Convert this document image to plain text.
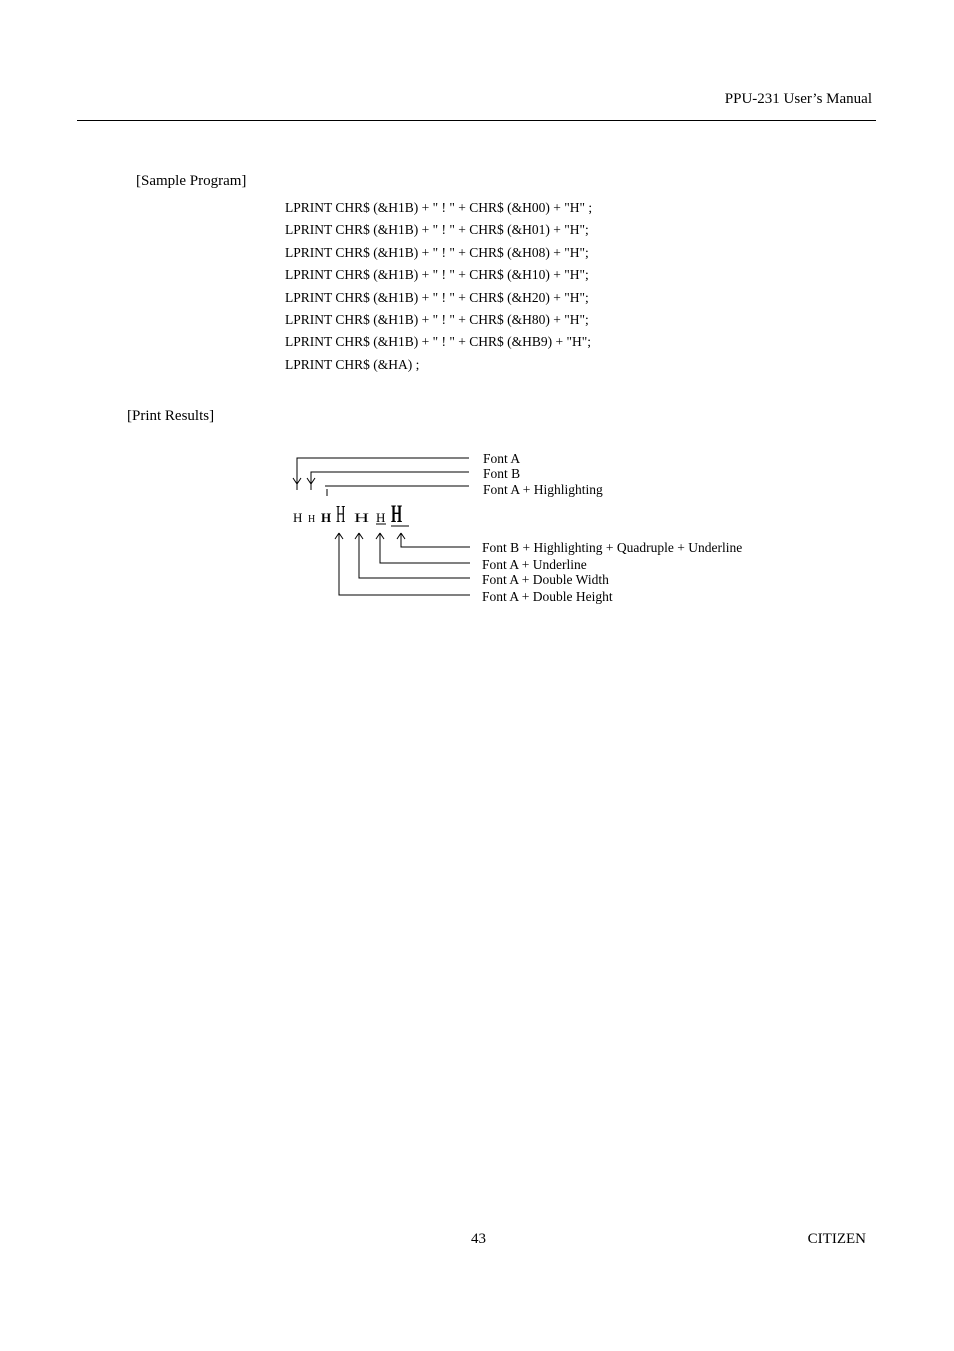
PPU-231 User’s Manual
[Sample Program]
LPRINT CHR$ (&H1B) + " ! " + CHR$ (&H00) + "H" ;
LPRINT CHR$ (&H1B) + " ! " + CHR$ (&H01) + "H";
LPRINT CHR$ (&H1B) + " ! " + CHR$ (&H08) + "H";
LPRINT CHR$ (&H1B) + " ! " + CHR$ (&H10) + "H";
LPRINT CHR$ (&H1B) + " ! " + CHR$ (&H20) + "H";
LPRINT CHR$ (&H1B) + " ! " + CHR$ (&H80) + "H";
LPRINT CHR$ (&H1B) + " ! " + CHR$ (&HB9) + "H";
LPRINT CHR$ (&HA) ;
[Print Results]
H H H H H H H
Font A
Font B
Font A + Highlighting
Font B + Highlighting + Quadruple + Underline
Font A + Underline
Font A + Double Width
Font A + Double Height
43	CITIZEN
